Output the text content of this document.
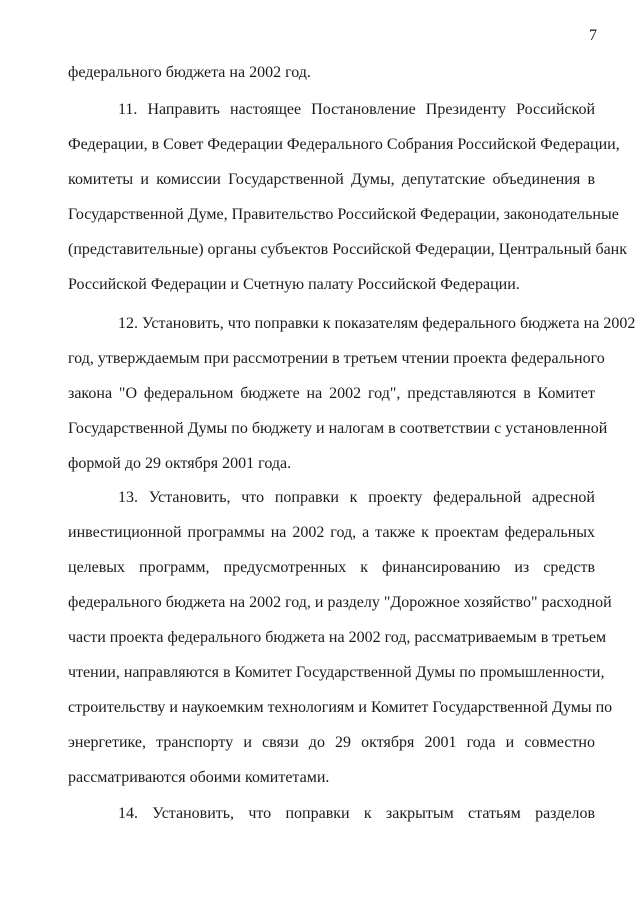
7
федерального бюджета на 2002 год.
11. Направить настоящее Постановление Президенту Российской
Федерации, в Совет Федерации Федерального Собрания Российской Федерации,
комитеты и комиссии Государственной Думы, депутатские объединения в
Государственной Думе, Правительство Российской Федерации, законодательные
(представительные) органы субъектов Российской Федерации, Центральный банк
Российской Федерации и Счетную палату Российской Федерации.
12. Установить, что поправки к показателям федерального бюджета на 2002
год, утверждаемым при рассмотрении в третьем чтении проекта федерального
закона "О федеральном бюджете на 2002 год", представляются в Комитет
Государственной Думы по бюджету и налогам в соответствии с установленной
формой до 29 октября 2001 года.
13. Установить, что поправки к проекту федеральной адресной
инвестиционной программы на 2002 год, а также к проектам федеральных
целевых программ, предусмотренных к финансированию из средств
федерального бюджета на 2002 год, и разделу "Дорожное хозяйство" расходной
части проекта федерального бюджета на 2002 год, рассматриваемым в третьем
чтении, направляются в Комитет Государственной Думы по промышленности,
строительству и наукоемким технологиям и Комитет Государственной Думы по
энергетике, транспорту и связи до 29 октября 2001 года и совместно
рассматриваются обоими комитетами.
14. Установить, что поправки к закрытым статьям разделов
